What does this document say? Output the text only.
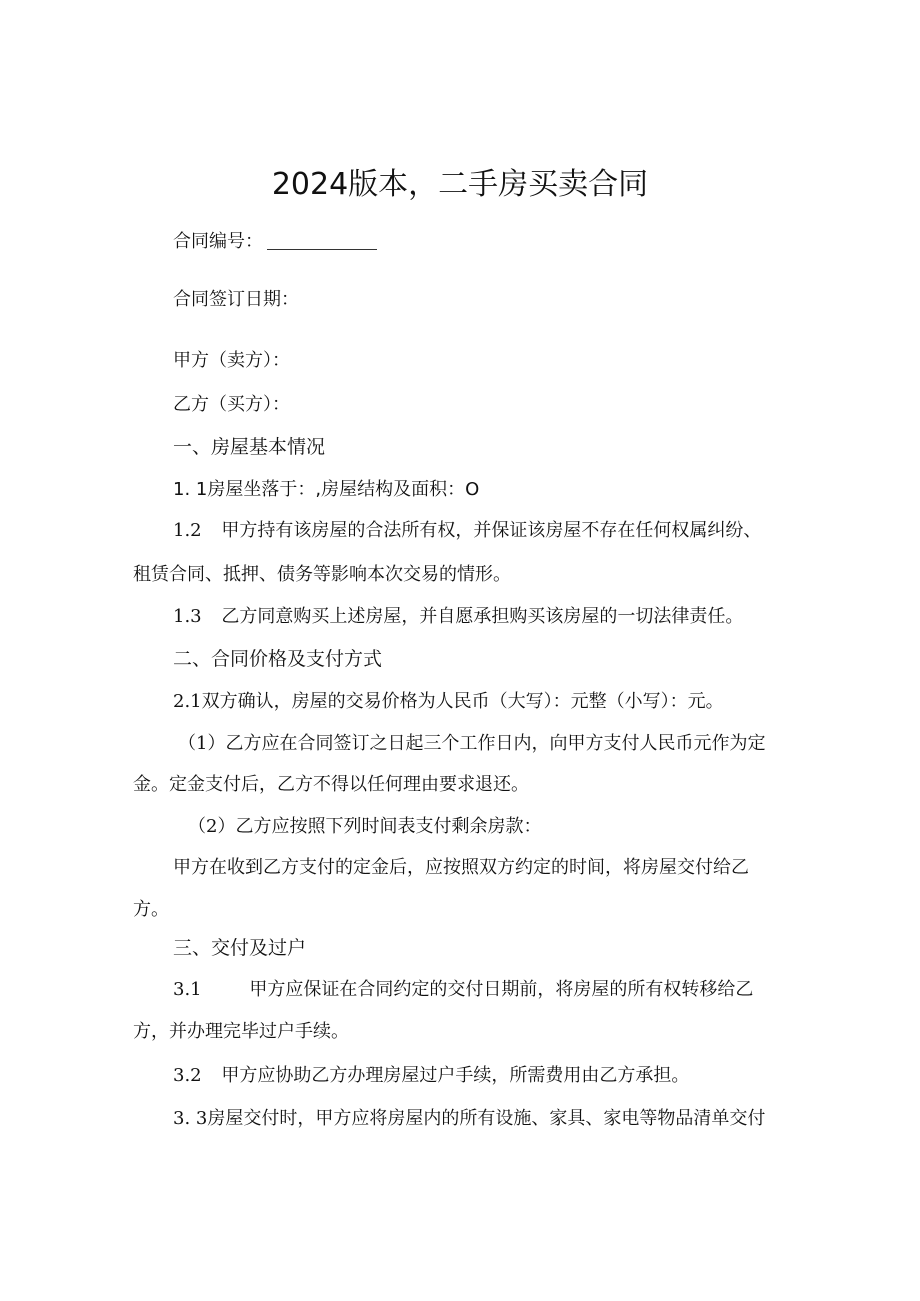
2024版本，二手房买卖合同
合同编号：
合同签订日期：
甲方（卖方）：
乙方（买方）：
一、房屋基本情况
1. 1房屋坐落于：,房屋结构及面积：O
1.2 甲方持有该房屋的合法所有权，并保证该房屋不存在任何权属纠纷、
租赁合同、抵押、债务等影响本次交易的情形。
1.3 乙方同意购买上述房屋，并自愿承担购买该房屋的一切法律责任。
二、合同价格及支付方式
2.1双方确认，房屋的交易价格为人民币（大写）：元整（小写）：元。
（1）乙方应在合同签订之日起三个工作日内，向甲方支付人民币元作为定
金。定金支付后，乙方不得以任何理由要求退还。
（2）乙方应按照下列时间表支付剩余房款：
甲方在收到乙方支付的定金后，应按照双方约定的时间，将房屋交付给乙
方。
三、交付及过户
3.1	甲方应保证在合同约定的交付日期前，将房屋的所有权转移给乙
方，并办理完毕过户手续。
3.2 甲方应协助乙方办理房屋过户手续，所需费用由乙方承担。
3. 3房屋交付时，甲方应将房屋内的所有设施、家具、家电等物品清单交付
